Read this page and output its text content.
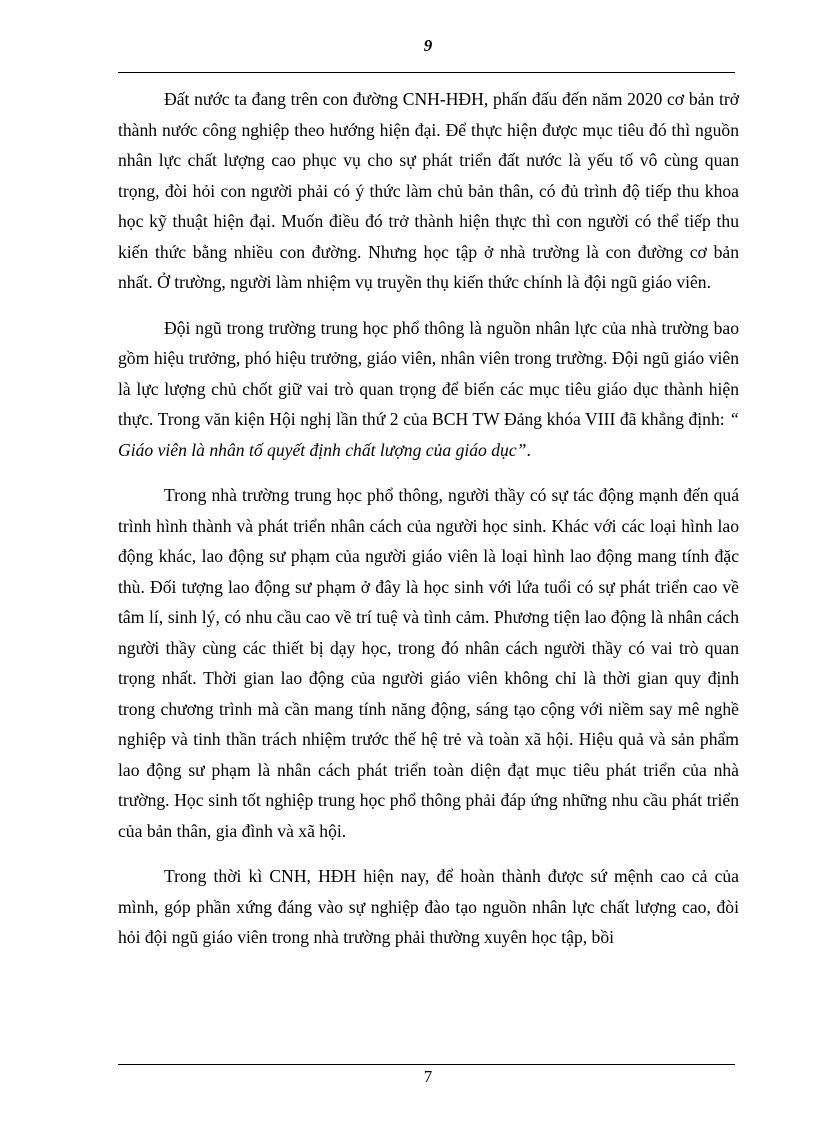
9

Đất nước ta đang trên con đường CNH-HĐH, phấn đấu đến năm 2020 cơ bản trở thành nước công nghiệp theo hướng hiện đại. Để thực hiện được mục tiêu đó thì nguồn nhân lực chất lượng cao phục vụ cho sự phát triển đất nước là yếu tố vô cùng quan trọng, đòi hỏi con người phải có ý thức làm chủ bản thân, có đủ trình độ tiếp thu khoa học kỹ thuật hiện đại. Muốn điều đó trở thành hiện thực thì con người có thể tiếp thu kiến thức bằng nhiều con đường. Nhưng học tập ở nhà trường là con đường cơ bản nhất. Ở trường, người làm nhiệm vụ truyền thụ kiến thức chính là đội ngũ giáo viên.

Đội ngũ trong trường trung học phổ thông là nguồn nhân lực của nhà trường bao gồm hiệu trưởng, phó hiệu trưởng, giáo viên, nhân viên trong trường. Đội ngũ giáo viên là lực lượng chủ chốt giữ vai trò quan trọng để biến các mục tiêu giáo dục thành hiện thực. Trong văn kiện Hội nghị lần thứ 2 của BCH TW Đảng khóa VIII đã khẳng định: “ Giáo viên là nhân tố quyết định chất lượng của giáo dục”.

Trong nhà trường trung học phổ thông, người thầy có sự tác động mạnh đến quá trình hình thành và phát triển nhân cách của người học sinh. Khác với các loại hình lao động khác, lao động sư phạm của người giáo viên là loại hình lao động mang tính đặc thù. Đối tượng lao động sư phạm ở đây là học sinh với lứa tuổi có sự phát triển cao về tâm lí, sinh lý, có nhu cầu cao về trí tuệ và tình cảm. Phương tiện lao động là nhân cách người thầy cùng các thiết bị dạy học, trong đó nhân cách người thầy có vai trò quan trọng nhất. Thời gian lao động của người giáo viên không chỉ là thời gian quy định trong chương trình mà cần mang tính năng động, sáng tạo cộng với niềm say mê nghề nghiệp và tinh thần trách nhiệm trước thế hệ trẻ và toàn xã hội. Hiệu quả và sản phẩm lao động sư phạm là nhân cách phát triển toàn diện đạt mục tiêu phát triển của nhà trường. Học sinh tốt nghiệp trung học phổ thông phải đáp ứng những nhu cầu phát triển của bản thân, gia đình và xã hội.

Trong thời kì CNH, HĐH hiện nay, để hoàn thành được sứ mệnh cao cả của mình, góp phần xứng đáng vào sự nghiệp đào tạo nguồn nhân lực chất lượng cao, đòi hỏi đội ngũ giáo viên trong nhà trường phải thường xuyên học tập, bồi

7
